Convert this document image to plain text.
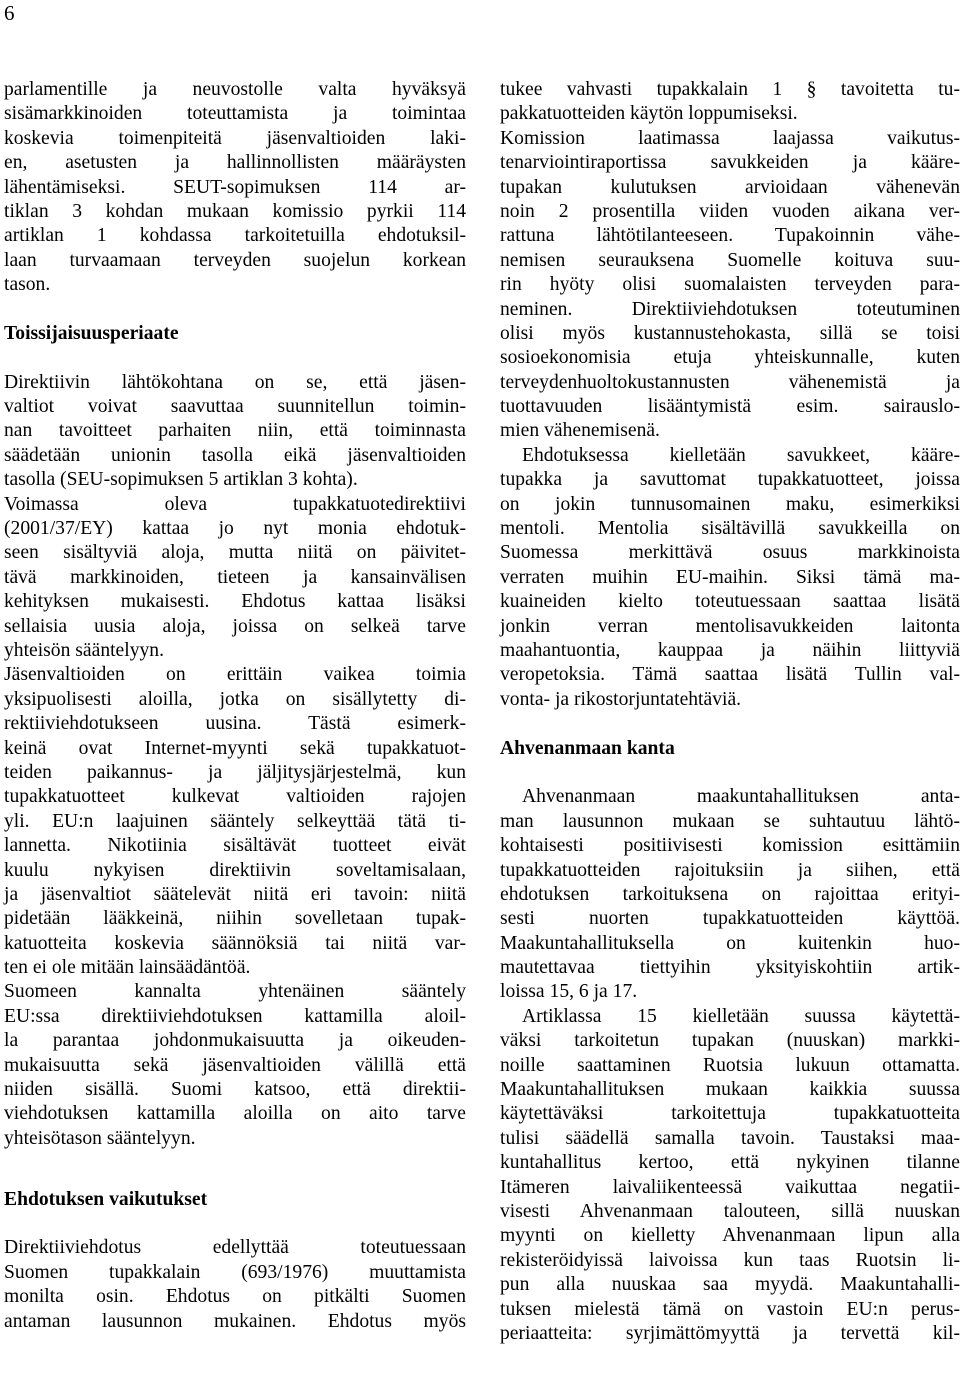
6
parlamentille ja neuvostolle valta hyväksyä
sisämarkkinoiden toteuttamista ja toimintaa
koskevia toimenpiteitä jäsenvaltioiden laki-
en, asetusten ja hallinnollisten määräysten
lähentämiseksi. SEUT-sopimuksen 114 ar-
tiklan 3 kohdan mukaan komissio pyrkii 114
artiklan 1 kohdassa tarkoitetuilla ehdotuksil-
laan turvaamaan terveyden suojelun korkean
tason.
Toissijaisuusperiaate
Direktiivin lähtökohtana on se, että jäsen-
valtiot voivat saavuttaa suunnitellun toimin-
nan tavoitteet parhaiten niin, että toiminnasta
säädetään unionin tasolla eikä jäsenvaltioiden
tasolla (SEU-sopimuksen 5 artiklan 3 kohta).
Voimassa oleva tupakkatuotedirektiivi
(2001/37/EY) kattaa jo nyt monia ehdotuk-
seen sisältyviä aloja, mutta niitä on päivitet-
tävä markkinoiden, tieteen ja kansainvälisen
kehityksen mukaisesti. Ehdotus kattaa lisäksi
sellaisia uusia aloja, joissa on selkeä tarve
yhteisön sääntelyyn.
Jäsenvaltioiden on erittäin vaikea toimia
yksipuolisesti aloilla, jotka on sisällytetty di-
rektiiviehdotukseen uusina. Tästä esimerk-
keinä ovat Internet-myynti sekä tupakkatuot-
teiden paikannus- ja jäljitysjärjestelmä, kun
tupakkatuotteet kulkevat valtioiden rajojen
yli. EU:n laajuinen sääntely selkeyttää tätä ti-
lannetta. Nikotiinia sisältävät tuotteet eivät
kuulu nykyisen direktiivin soveltamisalaan,
ja jäsenvaltiot säätelevät niitä eri tavoin: niitä
pidetään lääkkeinä, niihin sovelletaan tupak-
katuotteita koskevia säännöksiä tai niitä var-
ten ei ole mitään lainsäädäntöä.
Suomeen kannalta yhtenäinen sääntely
EU:ssa direktiiviehdotuksen kattamilla aloil-
la parantaa johdonmukaisuutta ja oikeuden-
mukaisuutta sekä jäsenvaltioiden välillä että
niiden sisällä. Suomi katsoo, että direktii-
viehdotuksen kattamilla aloilla on aito tarve
yhteisötason sääntelyyn.
Ehdotuksen vaikutukset
Direktiiviehdotus edellyttää toteutuessaan
Suomen tupakkalain (693/1976) muuttamista
monilta osin. Ehdotus on pitkälti Suomen
antaman lausunnon mukainen. Ehdotus myös
tukee vahvasti tupakkalain 1 § tavoitetta tu-
pakkatuotteiden käytön loppumiseksi.
Komission laatimassa laajassa vaikutus-
tenarviointiraportissa savukkeiden ja kääre-
tupakan kulutuksen arvioidaan vähenevän
noin 2 prosentilla viiden vuoden aikana ver-
rattuna lähtötilanteeseen. Tupakoinnin vähe-
nemisen seurauksena Suomelle koituva suu-
rin hyöty olisi suomalaisten terveyden para-
neminen. Direktiiviehdotuksen toteutuminen
olisi myös kustannustehokasta, sillä se toisi
sosioekonomisia etuja yhteiskunnalle, kuten
terveydenhuoltokustannusten vähenemistä ja
tuottavuuden lisääntymistä esim. sairauslo-
mien vähenemisenä.
Ehdotuksessa kielletään savukkeet, kääre-
tupakka ja savuttomat tupakkatuotteet, joissa
on jokin tunnusomainen maku, esimerkiksi
mentoli. Mentolia sisältävillä savukkeilla on
Suomessa merkittävä osuus markkinoista
verraten muihin EU-maihin. Siksi tämä ma-
kuaineiden kielto toteutuessaan saattaa lisätä
jonkin verran mentolisavukkeiden laitonta
maahantuontia, kauppaa ja näihin liittyviä
veropetoksia. Tämä saattaa lisätä Tullin val-
vonta- ja rikostorjuntatehtäviä.
Ahvenanmaan kanta
Ahvenanmaan maakuntahallituksen anta-
man lausunnon mukaan se suhtautuu lähtö-
kohtaisesti positiivisesti komission esittämiin
tupakkatuotteiden rajoituksiin ja siihen, että
ehdotuksen tarkoituksena on rajoittaa erityi-
sesti nuorten tupakkatuotteiden käyttöä.
Maakuntahallituksella on kuitenkin huo-
mautettavaa tiettyihin yksityiskohtiin artik-
loissa 15, 6 ja 17.
Artiklassa 15 kielletään suussa käytettä-
väksi tarkoitetun tupakan (nuuskan) markki-
noille saattaminen Ruotsia lukuun ottamatta.
Maakuntahallituksen mukaan kaikkia suussa
käytettäväksi tarkoitettuja tupakkatuotteita
tulisi säädellä samalla tavoin. Taustaksi maa-
kuntahallitus kertoo, että nykyinen tilanne
Itämeren laivaliikenteessä vaikuttaa negatii-
visesti Ahvenanmaan talouteen, sillä nuuskan
myynti on kielletty Ahvenanmaan lipun alla
rekisteröidyissä laivoissa kun taas Ruotsin li-
pun alla nuuskaa saa myydä. Maakuntahalli-
tuksen mielestä tämä on vastoin EU:n perus-
periaatteita: syrjimättömyyttä ja tervettä kil-
